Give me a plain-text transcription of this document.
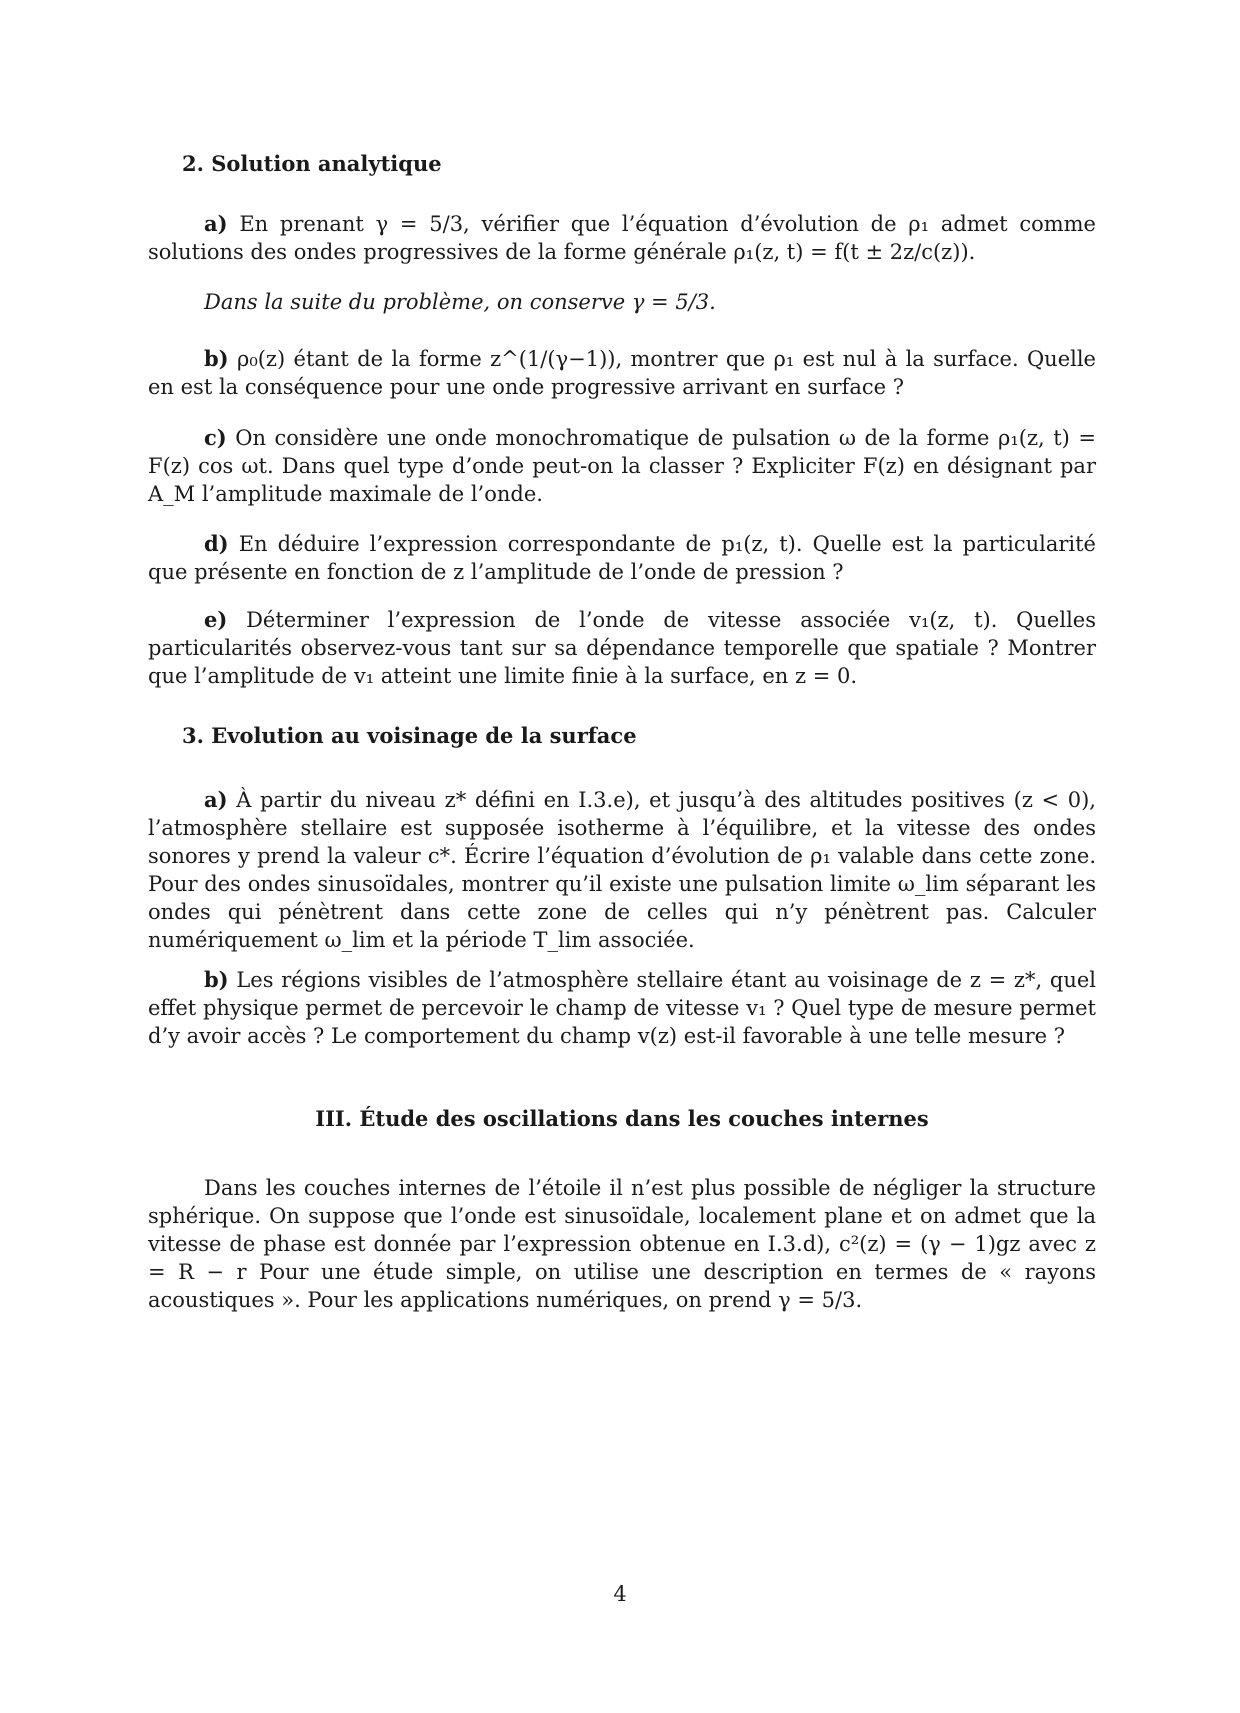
2. Solution analytique

a) En prenant γ = 5/3, vérifier que l’équation d’évolution de ρ₁ admet comme solutions des ondes progressives de la forme générale ρ₁(z, t) = f(t ± 2z/c(z)).

Dans la suite du problème, on conserve γ = 5/3.

b) ρ₀(z) étant de la forme z^(1/(γ−1)), montrer que ρ₁ est nul à la surface. Quelle en est la conséquence pour une onde progressive arrivant en surface ?

c) On considère une onde monochromatique de pulsation ω de la forme ρ₁(z, t) = F(z) cos ωt. Dans quel type d’onde peut-on la classer ? Expliciter F(z) en désignant par A_M l’amplitude maximale de l’onde.

d) En déduire l’expression correspondante de p₁(z, t). Quelle est la particularité que présente en fonction de z l’amplitude de l’onde de pression ?

e) Déterminer l’expression de l’onde de vitesse associée v₁(z, t). Quelles particularités observez-vous tant sur sa dépendance temporelle que spatiale ? Montrer que l’amplitude de v₁ atteint une limite finie à la surface, en z = 0.

3. Evolution au voisinage de la surface

a) À partir du niveau z* défini en I.3.e), et jusqu’à des altitudes positives (z < 0), l’atmosphère stellaire est supposée isotherme à l’équilibre, et la vitesse des ondes sonores y prend la valeur c*. Écrire l’équation d’évolution de ρ₁ valable dans cette zone. Pour des ondes sinusoïdales, montrer qu’il existe une pulsation limite ω_lim séparant les ondes qui pénètrent dans cette zone de celles qui n’y pénètrent pas. Calculer numériquement ω_lim et la période T_lim associée.

b) Les régions visibles de l’atmosphère stellaire étant au voisinage de z = z*, quel effet physique permet de percevoir le champ de vitesse v₁ ? Quel type de mesure permet d’y avoir accès ? Le comportement du champ v(z) est-il favorable à une telle mesure ?

III. Étude des oscillations dans les couches internes

Dans les couches internes de l’étoile il n’est plus possible de négliger la structure sphérique. On suppose que l’onde est sinusoïdale, localement plane et on admet que la vitesse de phase est donnée par l’expression obtenue en I.3.d), c²(z) = (γ − 1)gz avec z = R − r Pour une étude simple, on utilise une description en termes de « rayons acoustiques ». Pour les applications numériques, on prend γ = 5/3.

4
